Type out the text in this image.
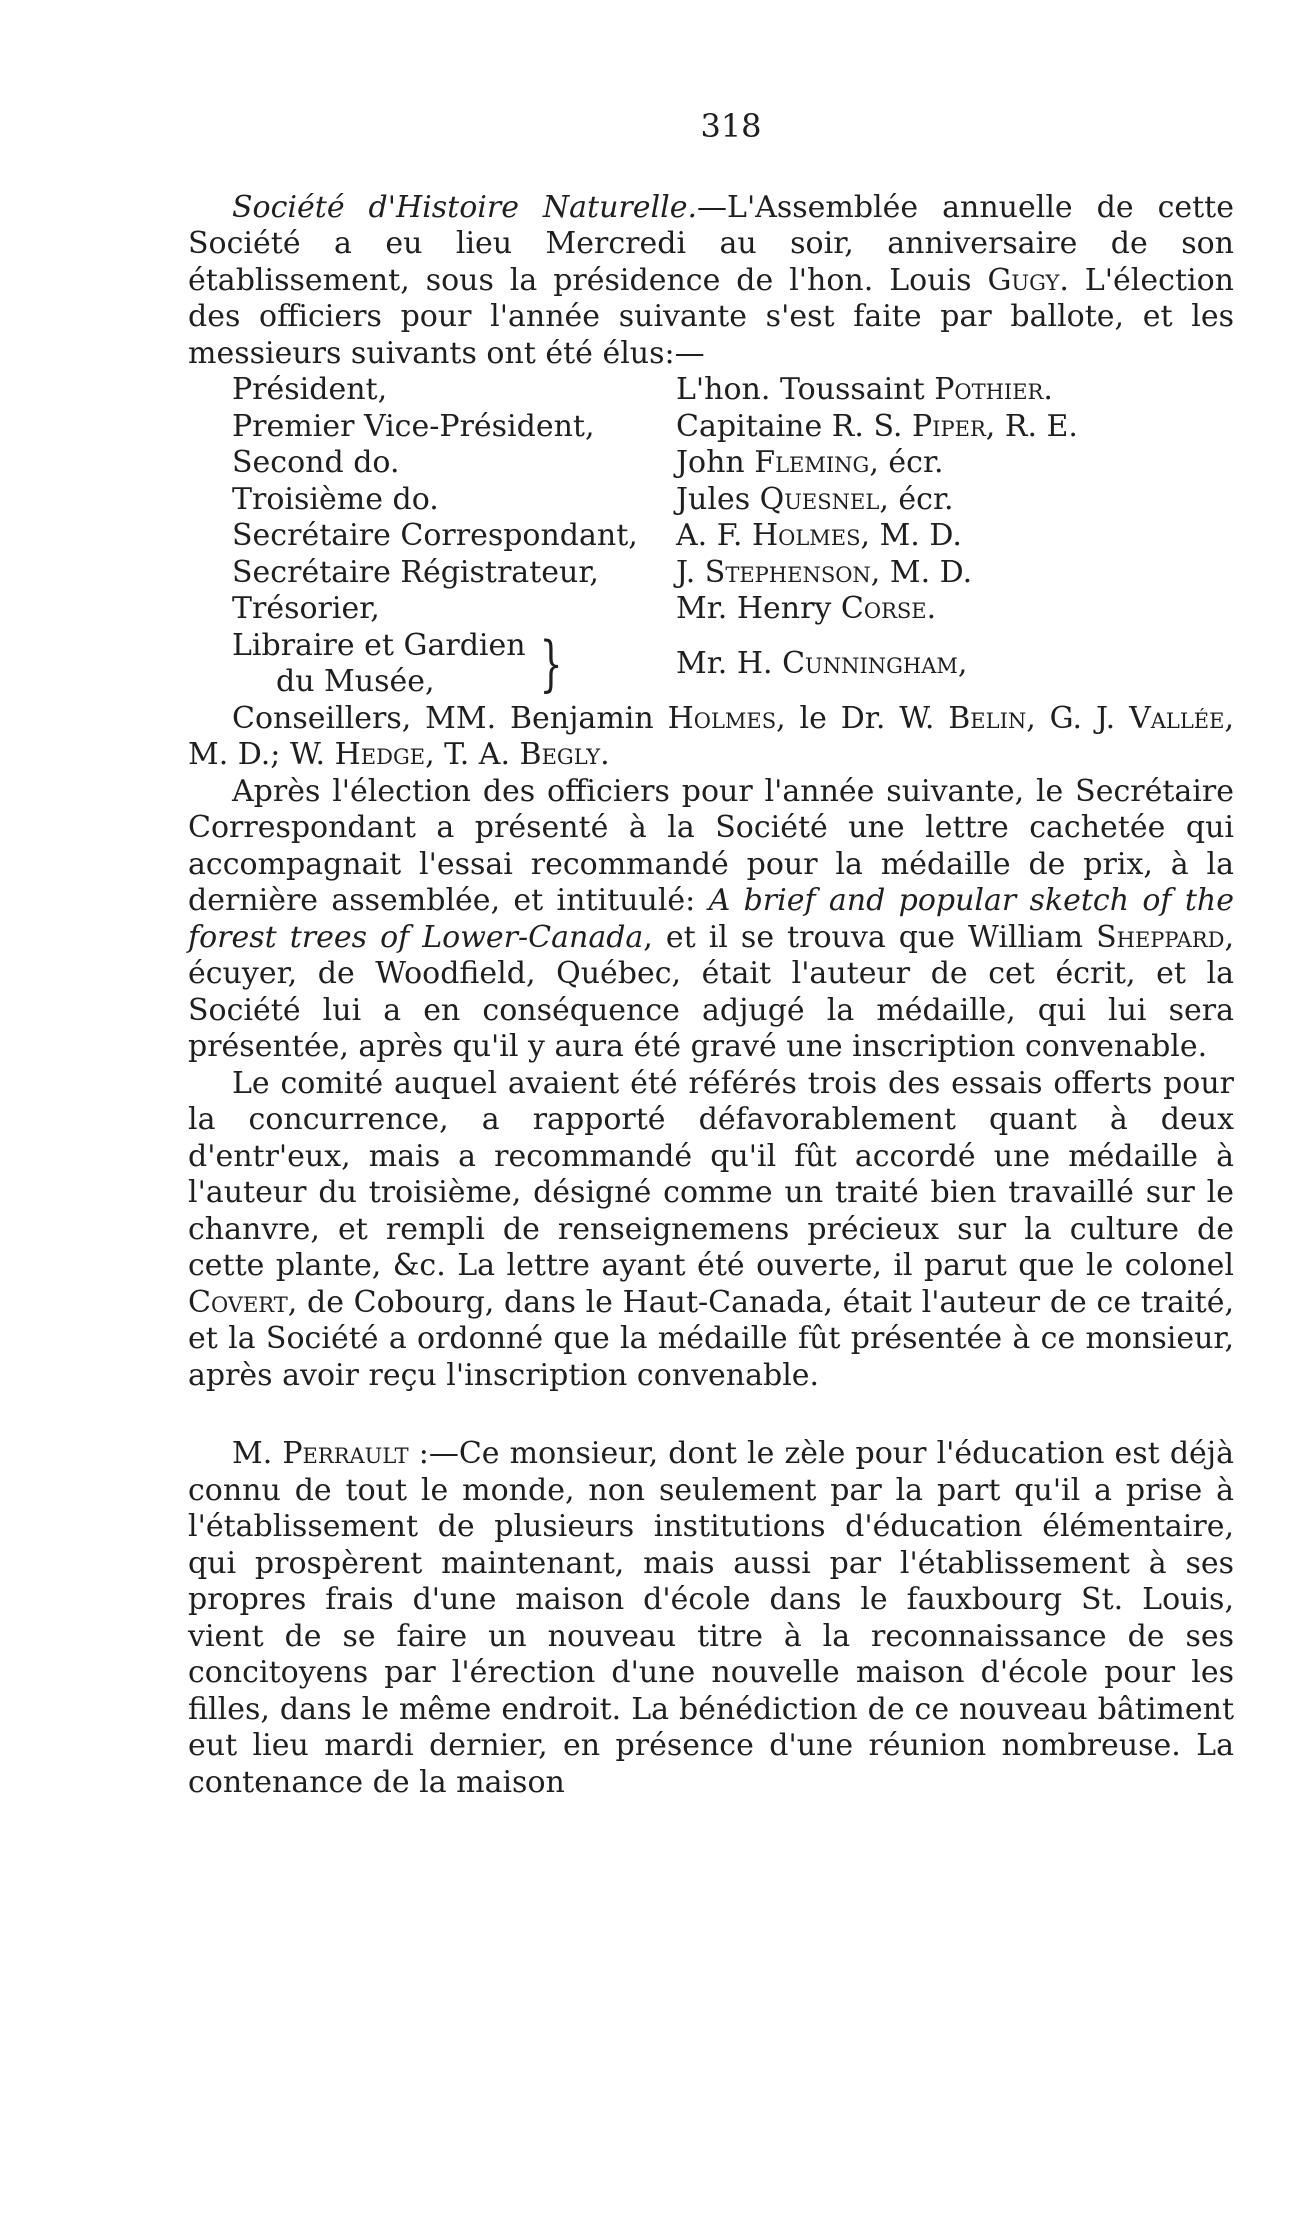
318

Société d'Histoire Naturelle.—L'Assemblée annuelle de cette Société a eu lieu Mercredi au soir, anniversaire de son établissement, sous la présidence de l'hon. Louis Gugy. L'élection des officiers pour l'année suivante s'est faite par ballote, et les messieurs suivants ont été élus:—

Président,	L'hon. Toussaint Pothier.
Premier Vice-Président,	Capitaine R. S. Piper, R. E.
Second do.	John Fleming, écr.
Troisième do.	Jules Quesnel, écr.
Secrétaire Correspondant,	A. F. Holmes, M. D.
Secrétaire Régistrateur,	J. Stephenson, M. D.
Trésorier,	Mr. Henry Corse.
Libraire et Gardien
du Musée,	}	Mr. H. Cunningham,

Conseillers, MM. Benjamin Holmes, le Dr. W. Belin, G. J. Vallée, M. D.; W. Hedge, T. A. Begly.

Après l'élection des officiers pour l'année suivante, le Secrétaire Correspondant a présenté à la Société une lettre cachetée qui accompagnait l'essai recommandé pour la médaille de prix, à la dernière assemblée, et intituulé: A brief and popular sketch of the forest trees of Lower-Canada, et il se trouva que William Sheppard, écuyer, de Woodfield, Québec, était l'auteur de cet écrit, et la Société lui a en conséquence adjugé la médaille, qui lui sera présentée, après qu'il y aura été gravé une inscription convenable.

Le comité auquel avaient été référés trois des essais offerts pour la concurrence, a rapporté défavorablement quant à deux d'entr'eux, mais a recommandé qu'il fût accordé une médaille à l'auteur du troisième, désigné comme un traité bien travaillé sur le chanvre, et rempli de renseignemens précieux sur la culture de cette plante, &c. La lettre ayant été ouverte, il parut que le colonel Covert, de Cobourg, dans le Haut-Canada, était l'auteur de ce traité, et la Société a ordonné que la médaille fût présentée à ce monsieur, après avoir reçu l'inscription convenable.

M. Perrault :—Ce monsieur, dont le zèle pour l'éducation est déjà connu de tout le monde, non seulement par la part qu'il a prise à l'établissement de plusieurs institutions d'éducation élémentaire, qui prospèrent maintenant, mais aussi par l'établissement à ses propres frais d'une maison d'école dans le fauxbourg St. Louis, vient de se faire un nouveau titre à la reconnaissance de ses concitoyens par l'érection d'une nouvelle maison d'école pour les filles, dans le même endroit. La bénédiction de ce nouveau bâtiment eut lieu mardi dernier, en présence d'une réunion nombreuse. La contenance de la maison
